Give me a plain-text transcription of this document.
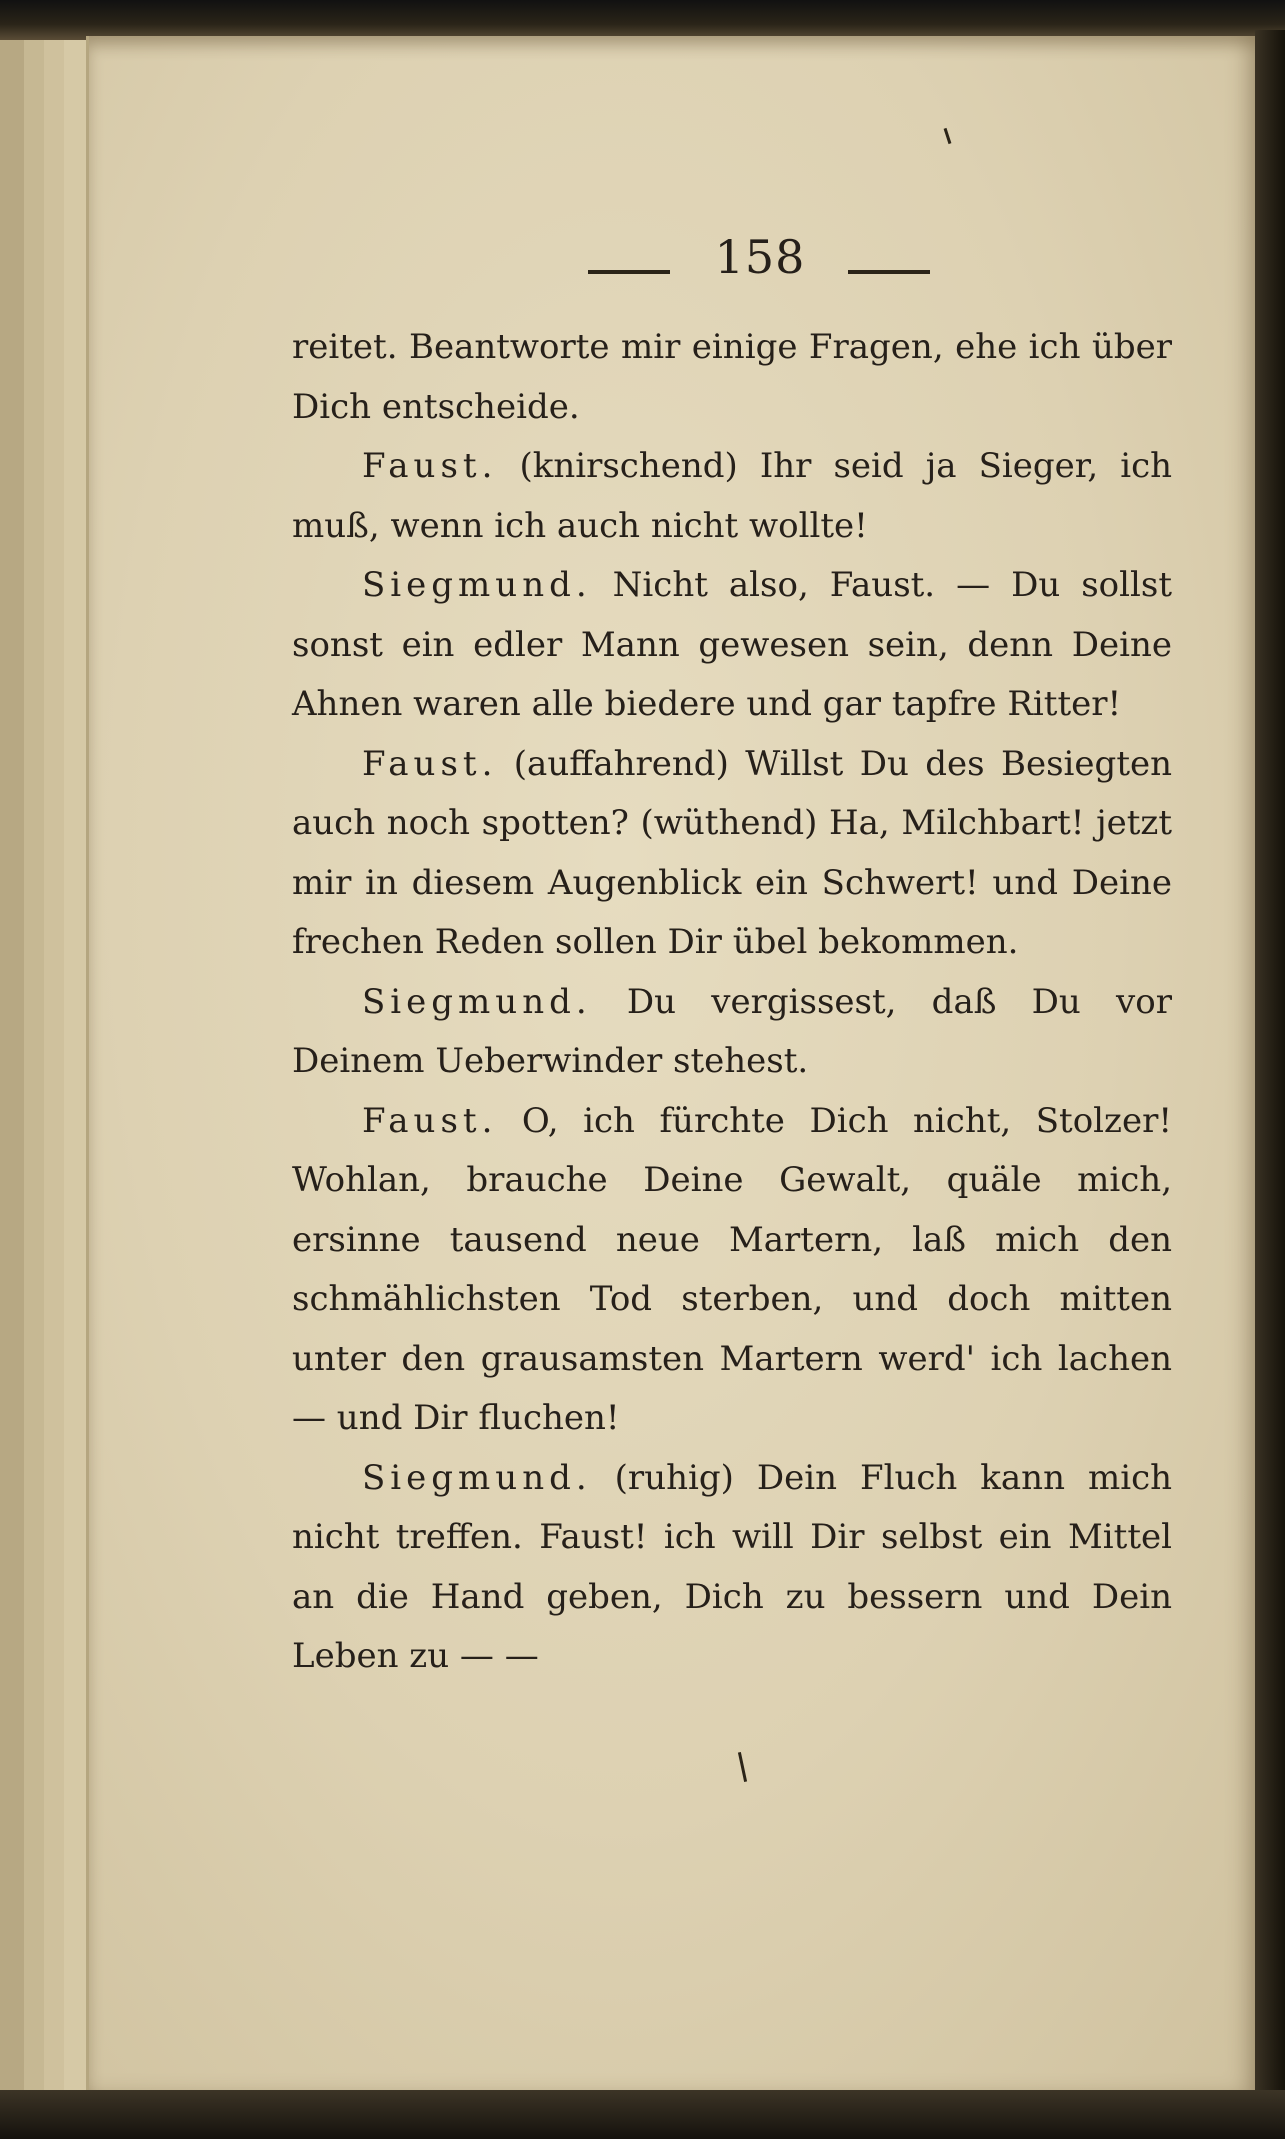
158

reitet. Beantworte mir einige Fragen, ehe ich über Dich entscheide.

Faust. (knirschend) Ihr seid ja Sieger, ich muß, wenn ich auch nicht wollte!

Siegmund. Nicht also, Faust. — Du sollst sonst ein edler Mann gewesen sein, denn Deine Ahnen waren alle biedere und gar tapfre Ritter!

Faust. (auffahrend) Willst Du des Besiegten auch noch spotten? (wüthend) Ha, Milchbart! jetzt mir in diesem Augenblick ein Schwert! und Deine frechen Reden sollen Dir übel bekommen.

Siegmund. Du vergissest, daß Du vor Deinem Ueberwinder stehest.

Faust. O, ich fürchte Dich nicht, Stolzer! Wohlan, brauche Deine Gewalt, quäle mich, ersinne tausend neue Martern, laß mich den schmählichsten Tod sterben, und doch mitten unter den grausamsten Martern werd' ich lachen — und Dir fluchen!

Siegmund. (ruhig) Dein Fluch kann mich nicht treffen. Faust! ich will Dir selbst ein Mittel an die Hand geben, Dich zu bessern und Dein Leben zu — —
